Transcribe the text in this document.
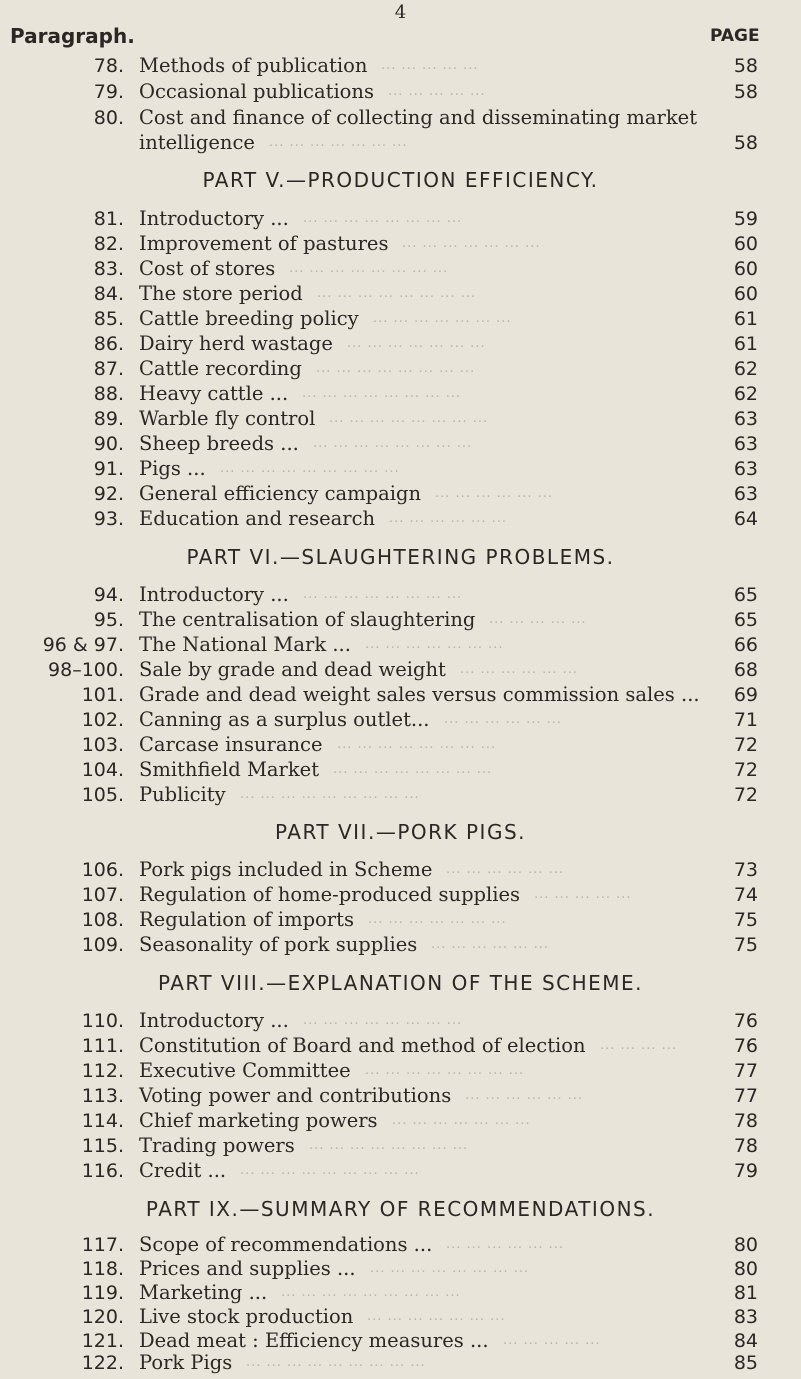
4
Paragraph.	PAGE
78. Methods of publication ... ... ... ... ...	58
79. Occasional publications ... ... ... ... ...	58
80. Cost and finance of collecting and disseminating market
intelligence ... ... ... ... ... ... ...	58
PART V.—PRODUCTION EFFICIENCY.
81. Introductory ... ... ... ... ... ... ... ... ...	59
82. Improvement of pastures ... ... ... ... ... ... ...	60
83. Cost of stores ... ... ... ... ... ... ... ...	60
84. The store period ... ... ... ... ... ... ... ...	60
85. Cattle breeding policy ... ... ... ... ... ... ...	61
86. Dairy herd wastage ... ... ... ... ... ... ...	61
87. Cattle recording ... ... ... ... ... ... ... ...	62
88. Heavy cattle ... ... ... ... ... ... ... ... ...	62
89. Warble fly control ... ... ... ... ... ... ... ...	63
90. Sheep breeds ... ... ... ... ... ... ... ... ...	63
91. Pigs ... ... ... ... ... ... ... ... ... ...	63
92. General efficiency campaign ... ... ... ... ... ...	63
93. Education and research ... ... ... ... ... ...	64
PART VI.—SLAUGHTERING PROBLEMS.
94. Introductory ... ... ... ... ... ... ... ... ...	65
95. The centralisation of slaughtering ... ... ... ... ...	65
96 & 97. The National Mark ... ... ... ... ... ... ... ...	66
98–100. Sale by grade and dead weight ... ... ... ... ... ...	68
101. Grade and dead weight sales versus commission sales ...	69
102. Canning as a surplus outlet... ... ... ... ... ... ...	71
103. Carcase insurance ... ... ... ... ... ... ... ...	72
104. Smithfield Market ... ... ... ... ... ... ... ...	72
105. Publicity ... ... ... ... ... ... ... ... ...	72
PART VII.—PORK PIGS.
106. Pork pigs included in Scheme ... ... ... ... ... ...	73
107. Regulation of home-produced supplies ... ... ... ... ...	74
108. Regulation of imports ... ... ... ... ... ... ...	75
109. Seasonality of pork supplies ... ... ... ... ... ...	75
PART VIII.—EXPLANATION OF THE SCHEME.
110. Introductory ... ... ... ... ... ... ... ... ...	76
111. Constitution of Board and method of election ... ... ... ...	76
112. Executive Committee ... ... ... ... ... ... ... ...	77
113. Voting power and contributions ... ... ... ... ... ...	77
114. Chief marketing powers ... ... ... ... ... ... ...	78
115. Trading powers ... ... ... ... ... ... ... ...	78
116. Credit ... ... ... ... ... ... ... ... ... ...	79
PART IX.—SUMMARY OF RECOMMENDATIONS.
117. Scope of recommendations ... ... ... ... ... ... ...	80
118. Prices and supplies ... ... ... ... ... ... ... ... ...	80
119. Marketing ... ... ... ... ... ... ... ... ... ...	81
120. Live stock production ... ... ... ... ... ... ...	83
121. Dead meat : Efficiency measures ... ... ... ... ... ...	84
122. Pork Pigs ... ... ... ... ... ... ... ... ...	85
